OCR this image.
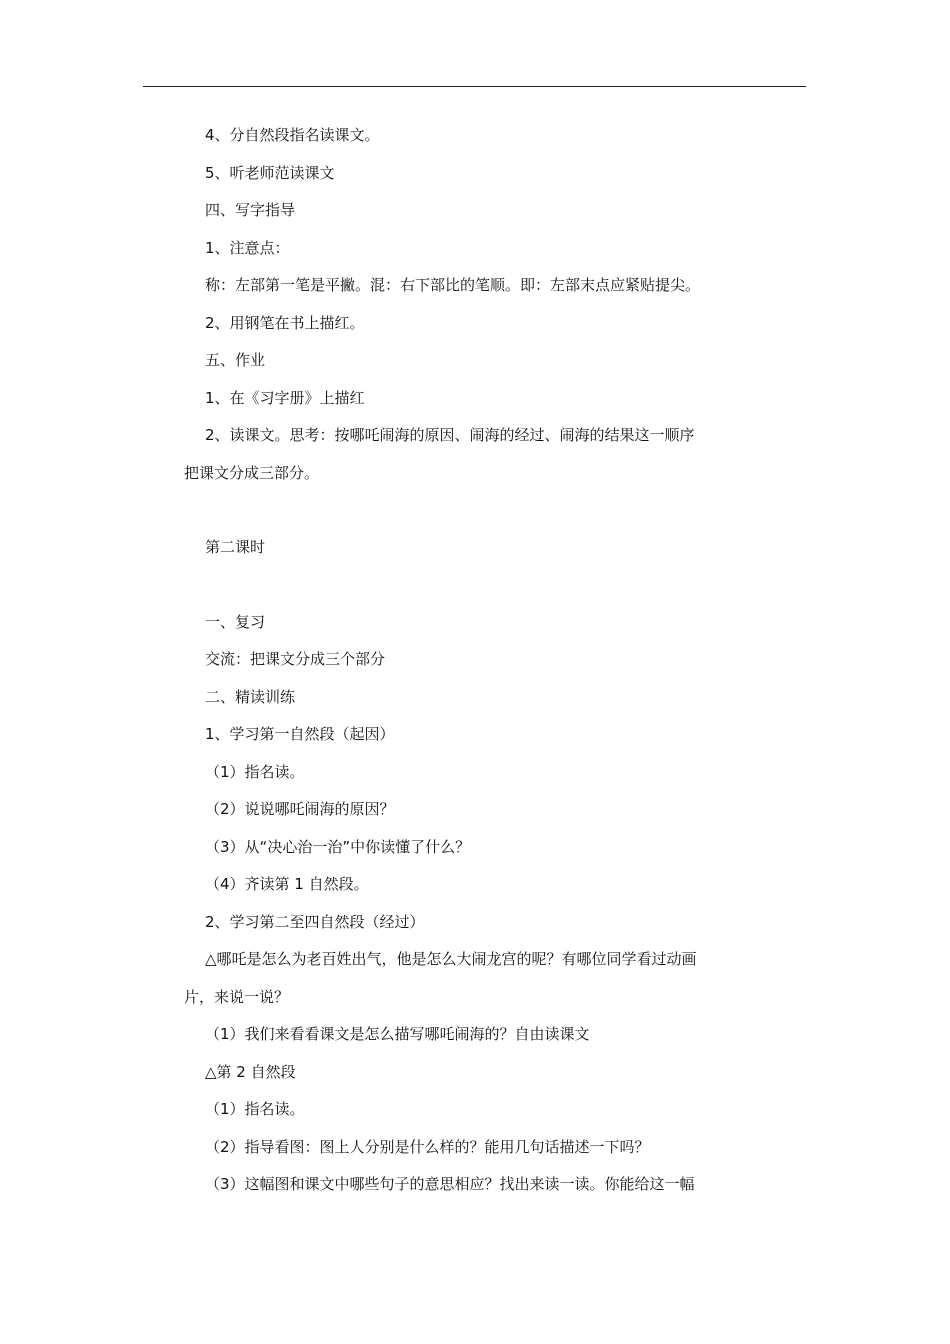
4、分自然段指名读课文。

5、听老师范读课文

四、写字指导

1、注意点：

称：左部第一笔是平撇。混：右下部比的笔顺。即：左部末点应紧贴提尖。

2、用钢笔在书上描红。

五、作业

1、在《习字册》上描红

2、读课文。思考：按哪吒闹海的原因、闹海的经过、闹海的结果这一顺序

把课文分成三部分。

第二课时

一、复习

交流：把课文分成三个部分

二、精读训练

1、学习第一自然段（起因）

（1）指名读。

（2）说说哪吒闹海的原因？

（3）从“决心治一治”中你读懂了什么？

（4）齐读第 1 自然段。

2、学习第二至四自然段（经过）

△哪吒是怎么为老百姓出气，他是怎么大闹龙宫的呢？有哪位同学看过动画

片，来说一说？

（1）我们来看看课文是怎么描写哪吒闹海的？自由读课文

△第 2 自然段

（1）指名读。

（2）指导看图：图上人分别是什么样的？能用几句话描述一下吗？

（3）这幅图和课文中哪些句子的意思相应？找出来读一读。你能给这一幅
